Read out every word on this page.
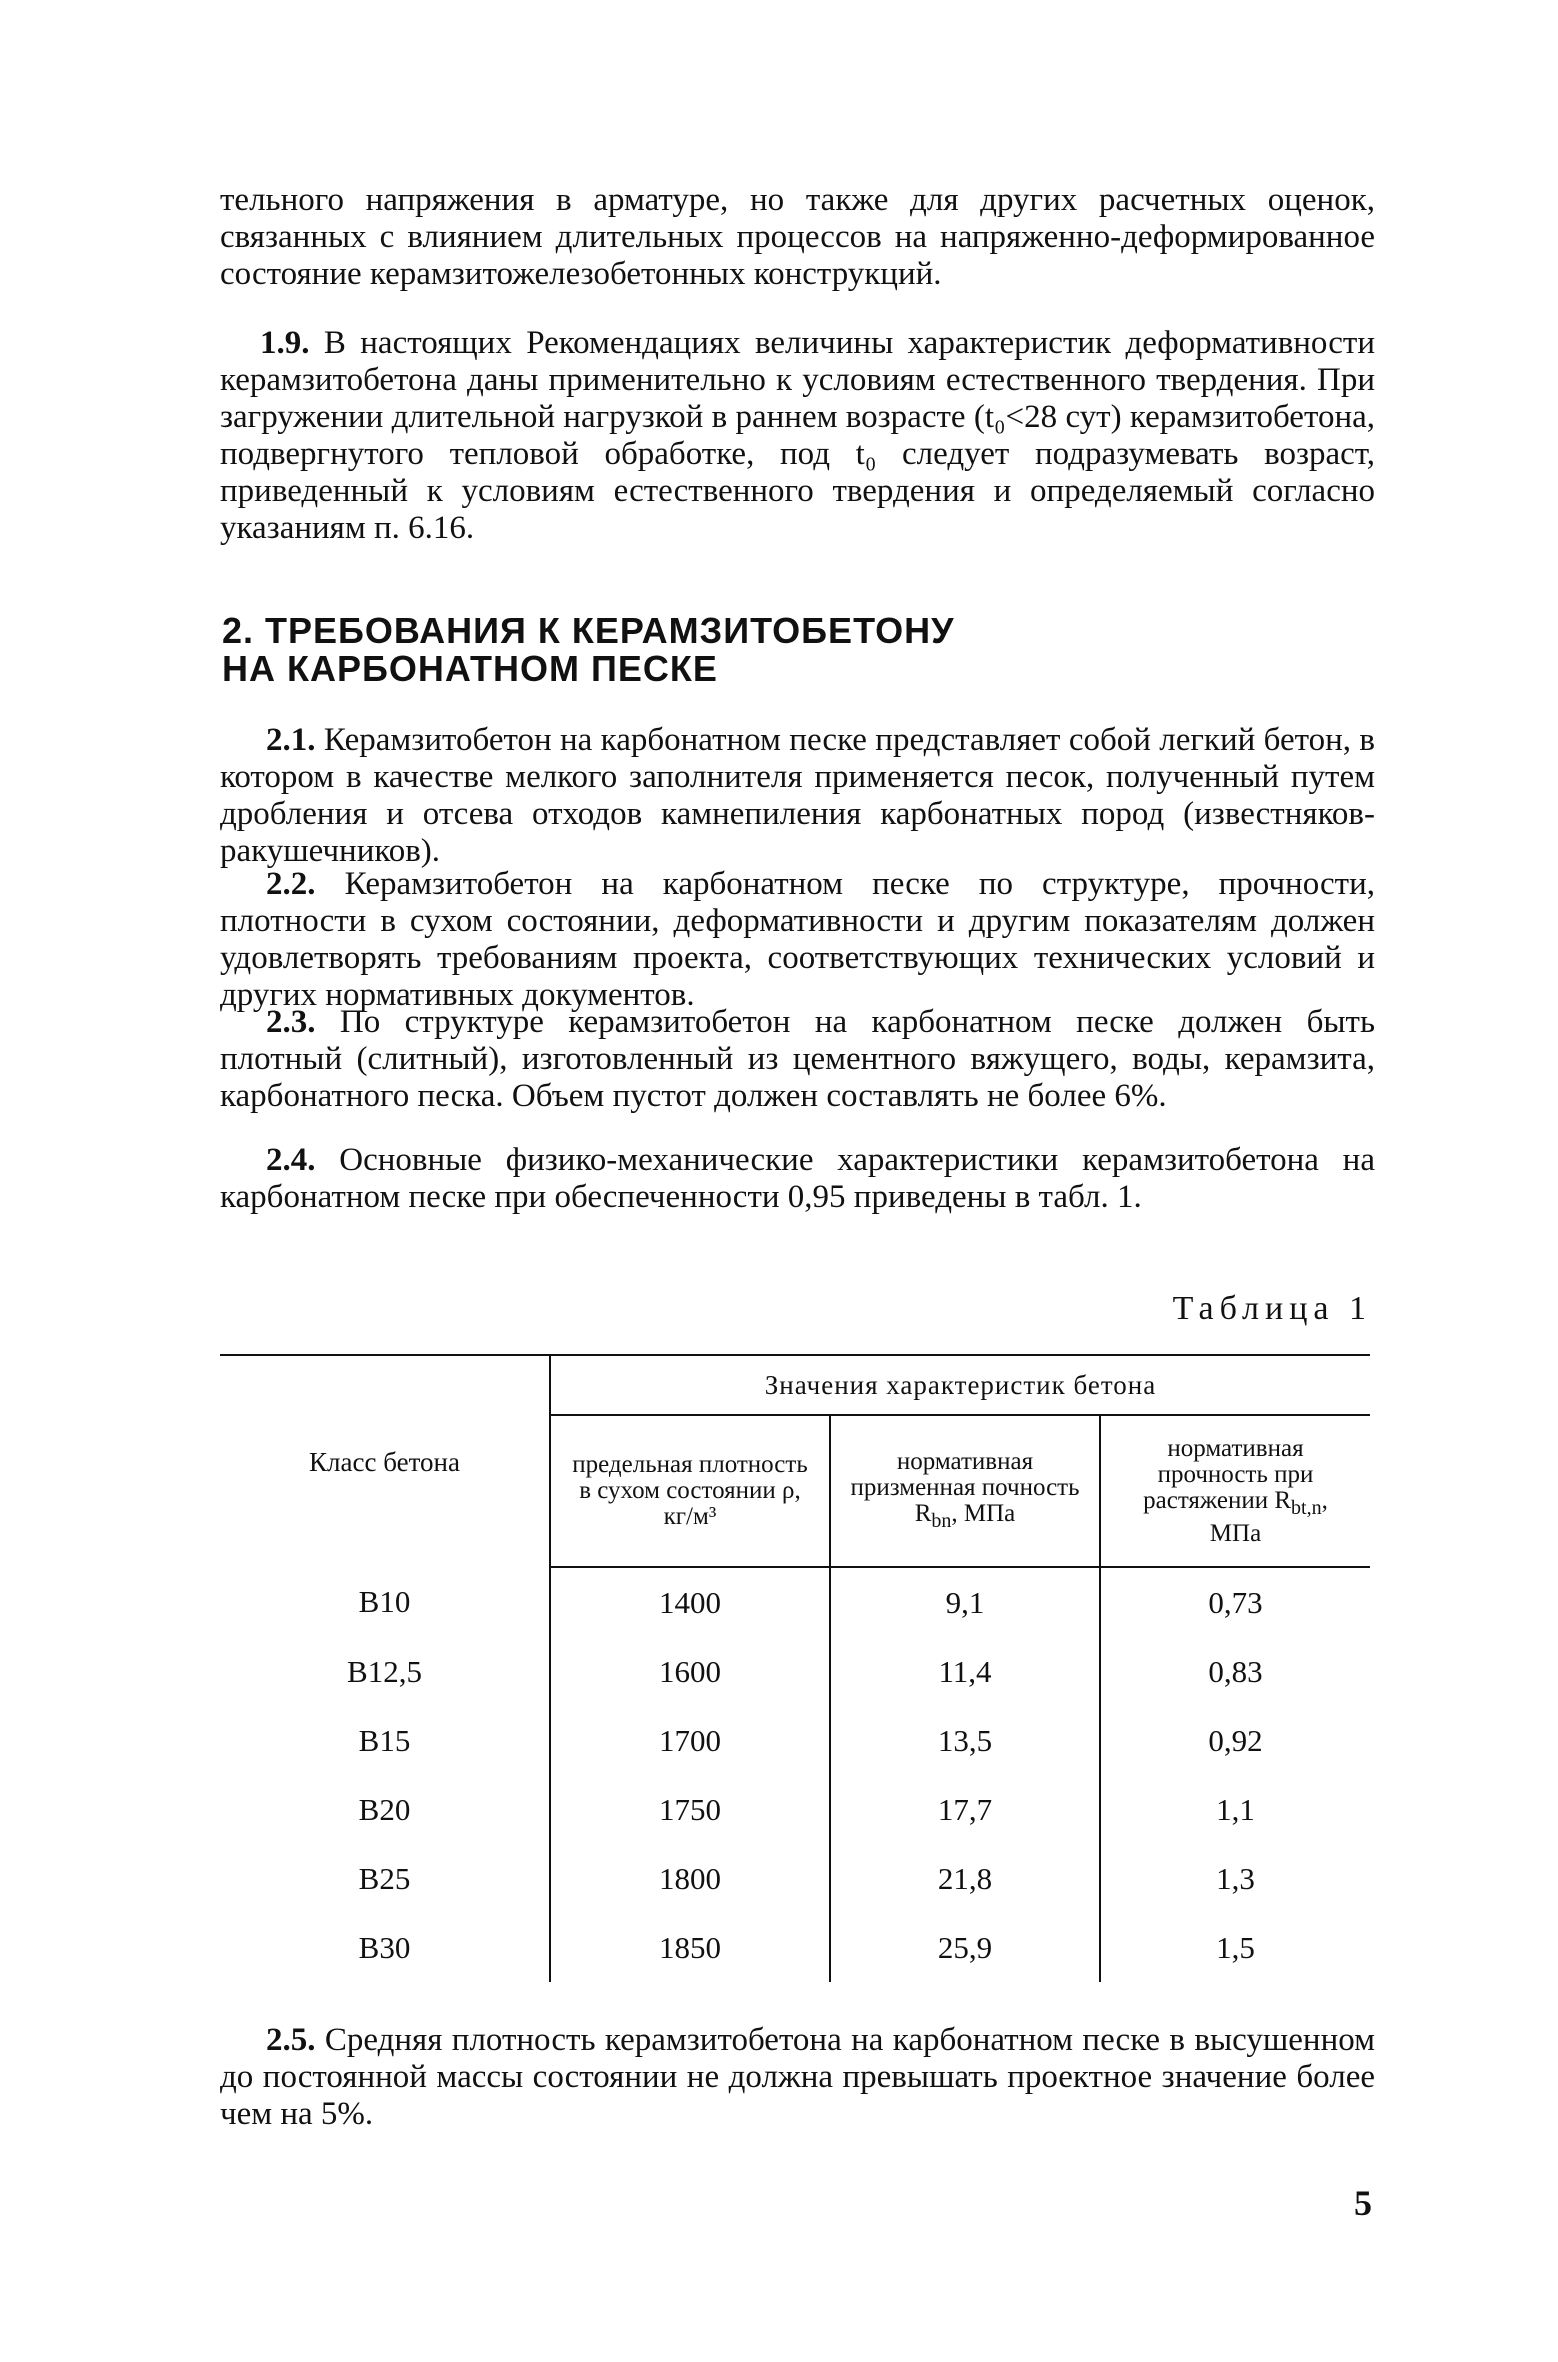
тельного напряжения в арматуре, но также для других расчетных оценок, связанных с влиянием длительных процессов на напряженно-деформированное состояние керамзитожелезобетонных конструкций.

1.9. В настоящих Рекомендациях величины характеристик деформативности керамзитобетона даны применительно к условиям естественного твердения. При загружении длительной нагрузкой в раннем возрасте (t₀<28 сут) керамзитобетона, подвергнутого тепловой обработке, под t₀ следует подразумевать возраст, приведенный к условиям естественного твердения и определяемый согласно указаниям п. 6.16.

2. ТРЕБОВАНИЯ К КЕРАМЗИТОБЕТОНУ
НА КАРБОНАТНОМ ПЕСКЕ

2.1. Керамзитобетон на карбонатном песке представляет собой легкий бетон, в котором в качестве мелкого заполнителя применяется песок, полученный путем дробления и отсева отходов камнепиления карбонатных пород (известняков-ракушечников).

2.2. Керамзитобетон на карбонатном песке по структуре, прочности, плотности в сухом состоянии, деформативности и другим показателям должен удовлетворять требованиям проекта, соответствующих технических условий и других нормативных документов.

2.3. По структуре керамзитобетон на карбонатном песке должен быть плотный (слитный), изготовленный из цементного вяжущего, воды, керамзита, карбонатного песка. Объем пустот должен составлять не более 6%.

2.4. Основные физико-механические характеристики керамзитобетона на карбонатном песке при обеспеченности 0,95 приведены в табл. 1.

Таблица 1
Класс бетона	Значения характеристик бетона		
	предельная плотность в сухом состоянии ρ, кг/м³	нормативная призменная почность $R_{bn}$, МПа	нормативная прочность при растяжении $R_{bt,n}$, МПа
B10	1400	9,1	0,73
B12,5	1600	11,4	0,83
B15	1700	13,5	0,92
B20	1750	17,7	1,1
B25	1800	21,8	1,3
B30	1850	25,9	1,5

2.5. Средняя плотность керамзитобетона на карбонатном песке в высушенном до постоянной массы состоянии не должна превышать проектное значение более чем на 5%.

5
